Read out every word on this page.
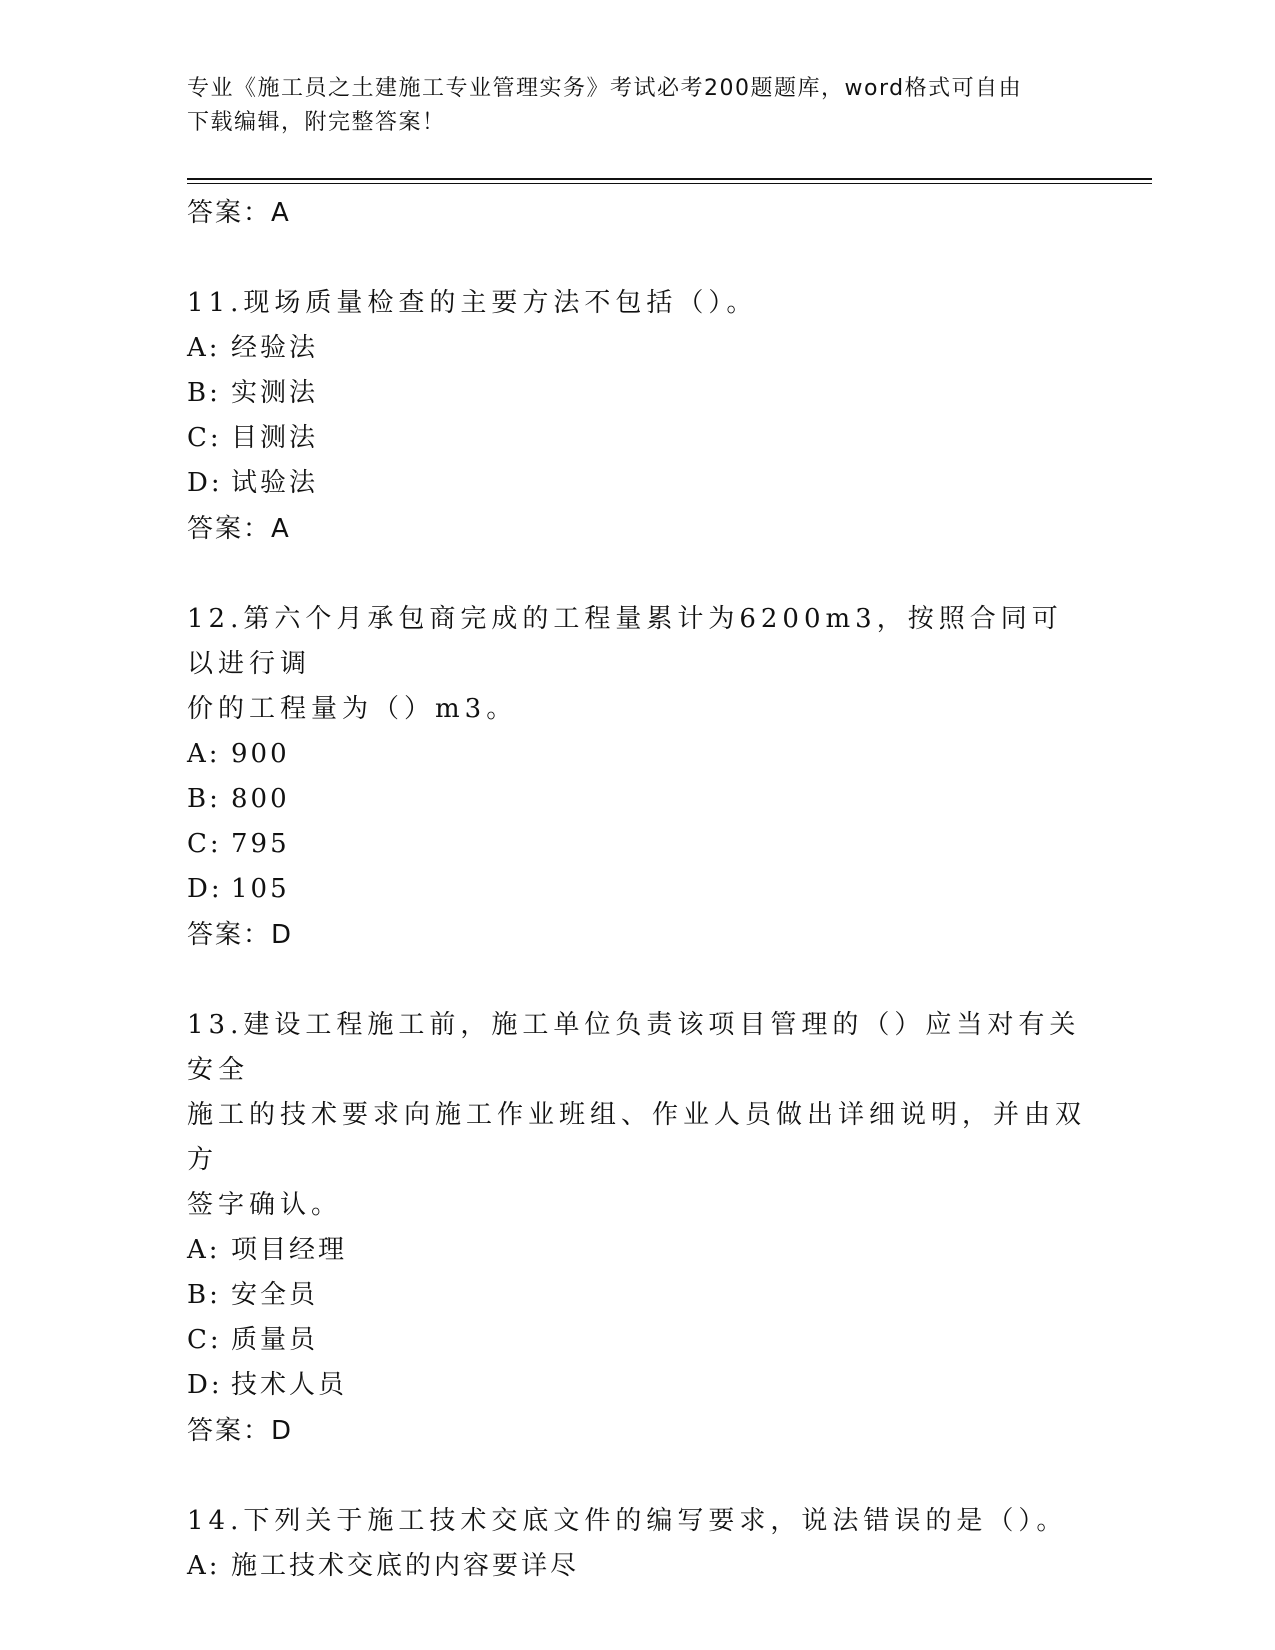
专业《施工员之土建施工专业管理实务》考试必考200题题库，word格式可自由
下载编辑，附完整答案！
答案：A
11.现场质量检查的主要方法不包括（）。
A: 经验法
B: 实测法
C: 目测法
D: 试验法
答案：A
12.第六个月承包商完成的工程量累计为6200m3，按照合同可以进行调
价的工程量为（）m3。
A: 900
B: 800
C: 795
D: 105
答案：D
13.建设工程施工前，施工单位负责该项目管理的（）应当对有关安全
施工的技术要求向施工作业班组、作业人员做出详细说明，并由双方
签字确认。
A: 项目经理
B: 安全员
C: 质量员
D: 技术人员
答案：D
14.下列关于施工技术交底文件的编写要求，说法错误的是（）。
A: 施工技术交底的内容要详尽
